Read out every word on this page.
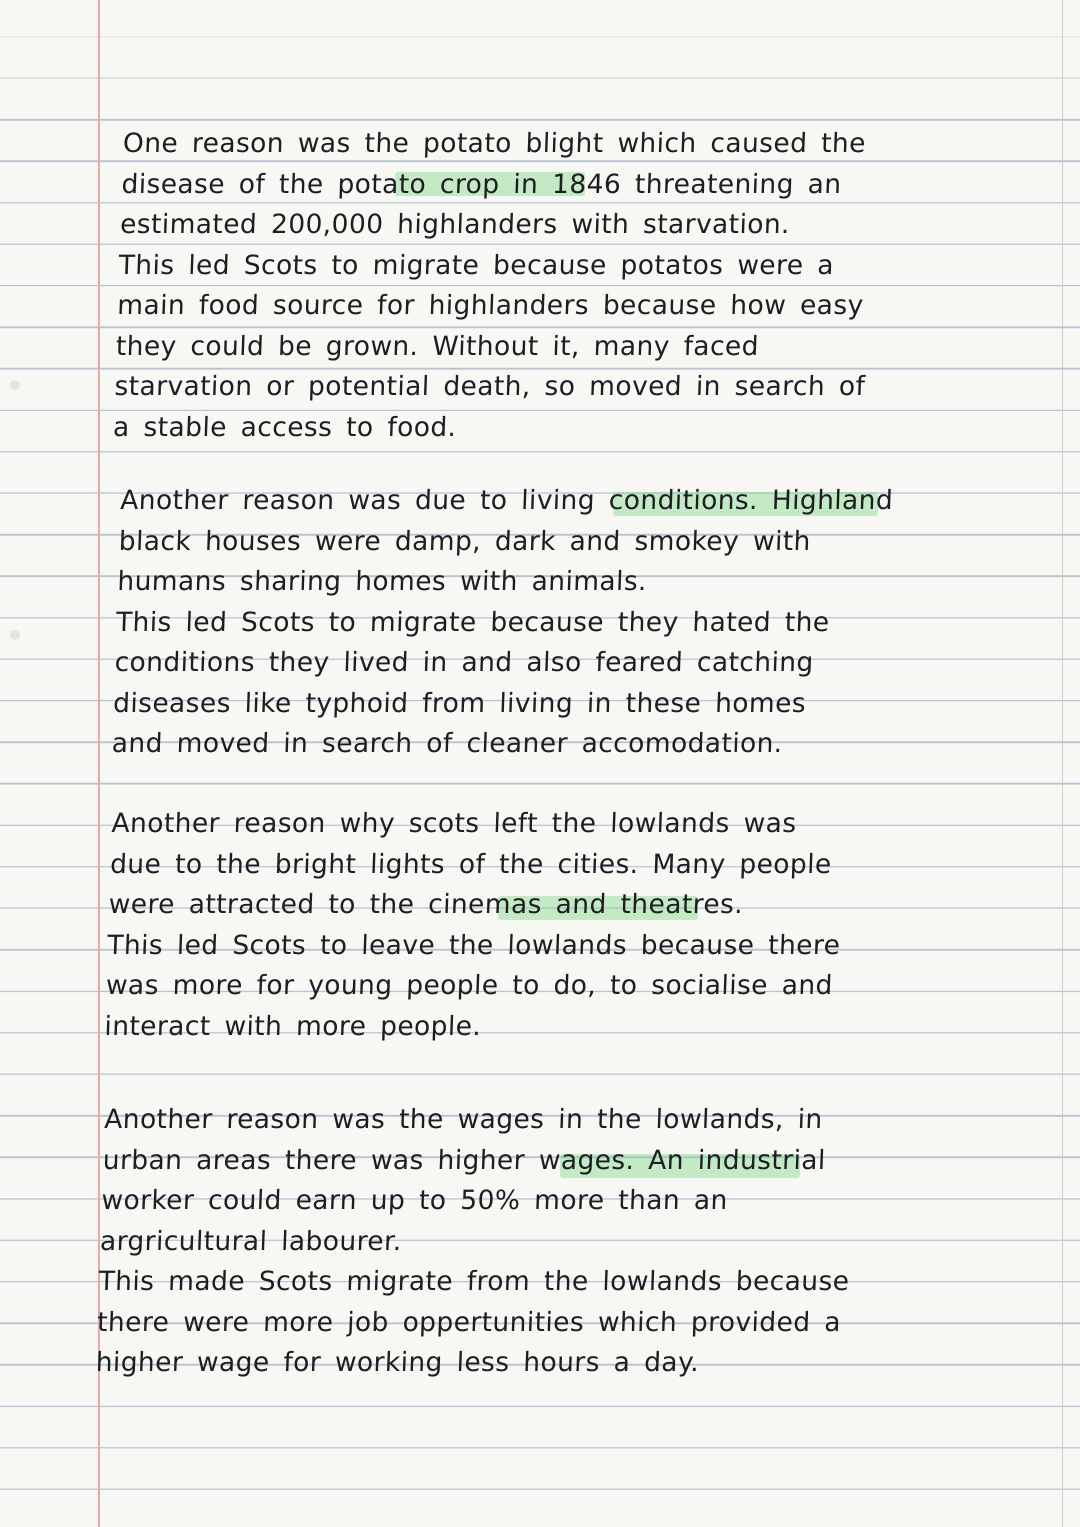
One reason was the potato blight which caused the
disease of the potato crop in 1846 threatening an
estimated 200,000 highlanders with starvation.
This led Scots to migrate because potatos were a
main food source for highlanders because how easy
they could be grown. Without it, many faced
starvation or potential death, so moved in search of
a stable access to food.

Another reason was due to living conditions. Highland
black houses were damp, dark and smokey with
humans sharing homes with animals.
This led Scots to migrate because they hated the
conditions they lived in and also feared catching
diseases like typhoid from living in these homes
and moved in search of cleaner accomodation.

Another reason why scots left the lowlands was
due to the bright lights of the cities. Many people
were attracted to the cinemas and theatres.
This led Scots to leave the lowlands because there
was more for young people to do, to socialise and
interact with more people.

Another reason was the wages in the lowlands, in
urban areas there was higher wages. An industrial
worker could earn up to 50% more than an
argricultural labourer.
This made Scots migrate from the lowlands because
there were more job oppertunities which provided a
higher wage for working less hours a day.
